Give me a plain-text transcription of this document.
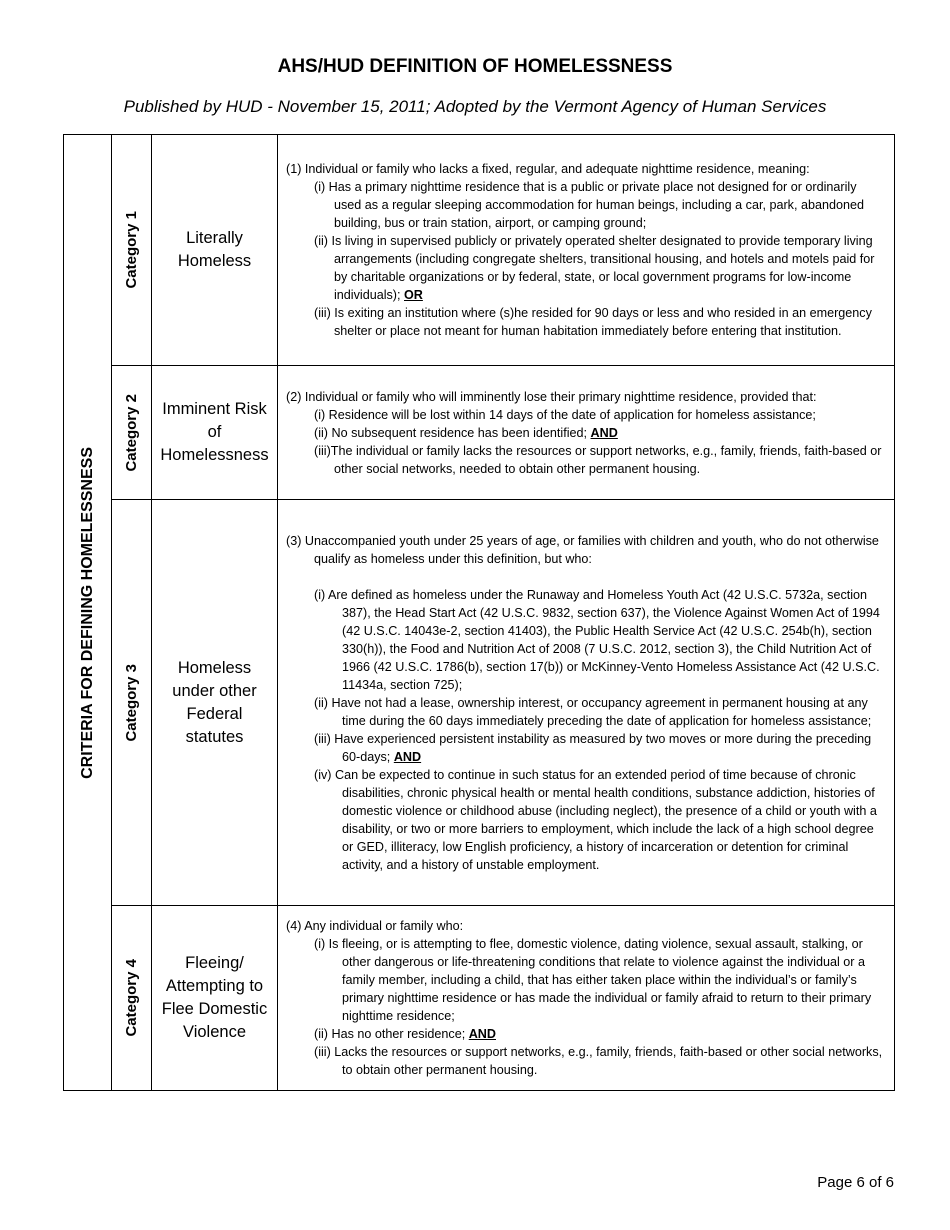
AHS/HUD DEFINITION OF HOMELESSNESS
Published by HUD - November 15, 2011; Adopted by the Vermont Agency of Human Services
CRITERIA FOR DEFINING HOMELESSNESS	Category 1	Literally Homeless	(1) Individual or family who lacks a fixed, regular, and adequate nighttime residence, meaning:
(i) Has a primary nighttime residence that is a public or private place not designed for or ordinarily used as a regular sleeping accommodation for human beings, including a car, park, abandoned building, bus or train station, airport, or camping ground;
(ii) Is living in supervised publicly or privately operated shelter designated to provide temporary living arrangements (including congregate shelters, transitional housing, and hotels and motels paid for by charitable organizations or by federal, state, or local government programs for low-income individuals); OR
(iii) Is exiting an institution where (s)he resided for 90 days or less and who resided in an emergency shelter or place not meant for human habitation immediately before entering that institution.

	Category 2	Imminent Risk of Homelessness	(2) Individual or family who will imminently lose their primary nighttime residence, provided that:
(i) Residence will be lost within 14 days of the date of application for homeless assistance;
(ii) No subsequent residence has been identified; AND
(iii)The individual or family lacks the resources or support networks, e.g., family, friends, faith-based or other social networks, needed to obtain other permanent housing.

	Category 3	Homeless under other Federal statutes	(3) Unaccompanied youth under 25 years of age, or families with children and youth, who do not otherwise qualify as homeless under this definition, but who:
(i) Are defined as homeless under the Runaway and Homeless Youth Act (42 U.S.C. 5732a, section 387), the Head Start Act (42 U.S.C. 9832, section 637), the Violence Against Women Act of 1994 (42 U.S.C. 14043e-2, section 41403), the Public Health Service Act (42 U.S.C. 254b(h), section 330(h)), the Food and Nutrition Act of 2008 (7 U.S.C. 2012, section 3), the Child Nutrition Act of 1966 (42 U.S.C. 1786(b), section 17(b)) or McKinney-Vento Homeless Assistance Act (42 U.S.C. 11434a, section 725);
(ii) Have not had a lease, ownership interest, or occupancy agreement in permanent housing at any time during the 60 days immediately preceding the date of application for homeless assistance;
(iii) Have experienced persistent instability as measured by two moves or more during the preceding 60-days; AND
(iv) Can be expected to continue in such status for an extended period of time because of chronic disabilities, chronic physical health or mental health conditions, substance addiction, histories of domestic violence or childhood abuse (including neglect), the presence of a child or youth with a disability, or two or more barriers to employment, which include the lack of a high school degree or GED, illiteracy, low English proficiency, a history of incarceration or detention for criminal activity, and a history of unstable employment.

	Category 4	Fleeing/ Attempting to Flee Domestic Violence	(4) Any individual or family who:
(i) Is fleeing, or is attempting to flee, domestic violence, dating violence, sexual assault, stalking, or other dangerous or life-threatening conditions that relate to violence against the individual or a family member, including a child, that has either taken place within the individual’s or family’s primary nighttime residence or has made the individual or family afraid to return to their primary nighttime residence;
(ii) Has no other residence; AND
(iii) Lacks the resources or support networks, e.g., family, friends, faith-based or other social networks, to obtain other permanent housing.
Page 6 of 6
